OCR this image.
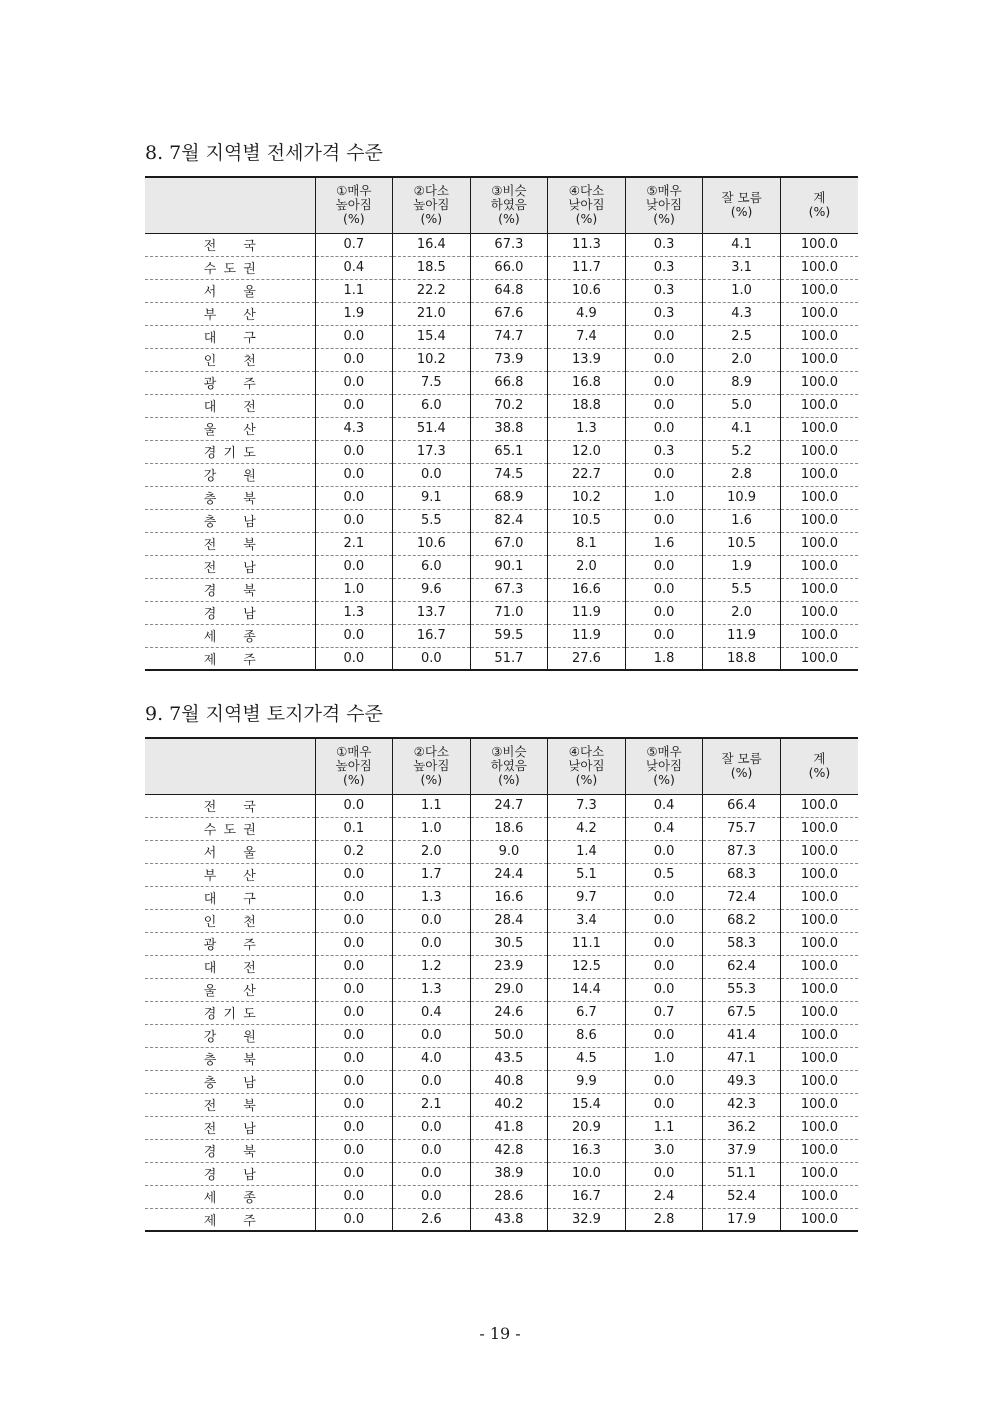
8. 7월 지역별 전세가격 수준
	①매우
높아짐
(%)	②다소
높아짐
(%)	③비슷
하였음
(%)	④다소
낮아짐
(%)	⑤매우
낮아짐
(%)	잘 모름
(%)	계
(%)

전 국	0.7	16.4	67.3	11.3	0.3	4.1	100.0

수 도 권	0.4	18.5	66.0	11.7	0.3	3.1	100.0

서 울	1.1	22.2	64.8	10.6	0.3	1.0	100.0

부 산	1.9	21.0	67.6	4.9	0.3	4.3	100.0

대 구	0.0	15.4	74.7	7.4	0.0	2.5	100.0

인 천	0.0	10.2	73.9	13.9	0.0	2.0	100.0

광 주	0.0	7.5	66.8	16.8	0.0	8.9	100.0

대 전	0.0	6.0	70.2	18.8	0.0	5.0	100.0

울 산	4.3	51.4	38.8	1.3	0.0	4.1	100.0

경 기 도	0.0	17.3	65.1	12.0	0.3	5.2	100.0

강 원	0.0	0.0	74.5	22.7	0.0	2.8	100.0

충 북	0.0	9.1	68.9	10.2	1.0	10.9	100.0

충 남	0.0	5.5	82.4	10.5	0.0	1.6	100.0

전 북	2.1	10.6	67.0	8.1	1.6	10.5	100.0

전 남	0.0	6.0	90.1	2.0	0.0	1.9	100.0

경 북	1.0	9.6	67.3	16.6	0.0	5.5	100.0

경 남	1.3	13.7	71.0	11.9	0.0	2.0	100.0

세 종	0.0	16.7	59.5	11.9	0.0	11.9	100.0

제 주	0.0	0.0	51.7	27.6	1.8	18.8	100.0
9. 7월 지역별 토지가격 수준
	①매우
높아짐
(%)	②다소
높아짐
(%)	③비슷
하였음
(%)	④다소
낮아짐
(%)	⑤매우
낮아짐
(%)	잘 모름
(%)	계
(%)

전 국	0.0	1.1	24.7	7.3	0.4	66.4	100.0

수 도 권	0.1	1.0	18.6	4.2	0.4	75.7	100.0

서 울	0.2	2.0	9.0	1.4	0.0	87.3	100.0

부 산	0.0	1.7	24.4	5.1	0.5	68.3	100.0

대 구	0.0	1.3	16.6	9.7	0.0	72.4	100.0

인 천	0.0	0.0	28.4	3.4	0.0	68.2	100.0

광 주	0.0	0.0	30.5	11.1	0.0	58.3	100.0

대 전	0.0	1.2	23.9	12.5	0.0	62.4	100.0

울 산	0.0	1.3	29.0	14.4	0.0	55.3	100.0

경 기 도	0.0	0.4	24.6	6.7	0.7	67.5	100.0

강 원	0.0	0.0	50.0	8.6	0.0	41.4	100.0

충 북	0.0	4.0	43.5	4.5	1.0	47.1	100.0

충 남	0.0	0.0	40.8	9.9	0.0	49.3	100.0

전 북	0.0	2.1	40.2	15.4	0.0	42.3	100.0

전 남	0.0	0.0	41.8	20.9	1.1	36.2	100.0

경 북	0.0	0.0	42.8	16.3	3.0	37.9	100.0

경 남	0.0	0.0	38.9	10.0	0.0	51.1	100.0

세 종	0.0	0.0	28.6	16.7	2.4	52.4	100.0

제 주	0.0	2.6	43.8	32.9	2.8	17.9	100.0
- 19 -
